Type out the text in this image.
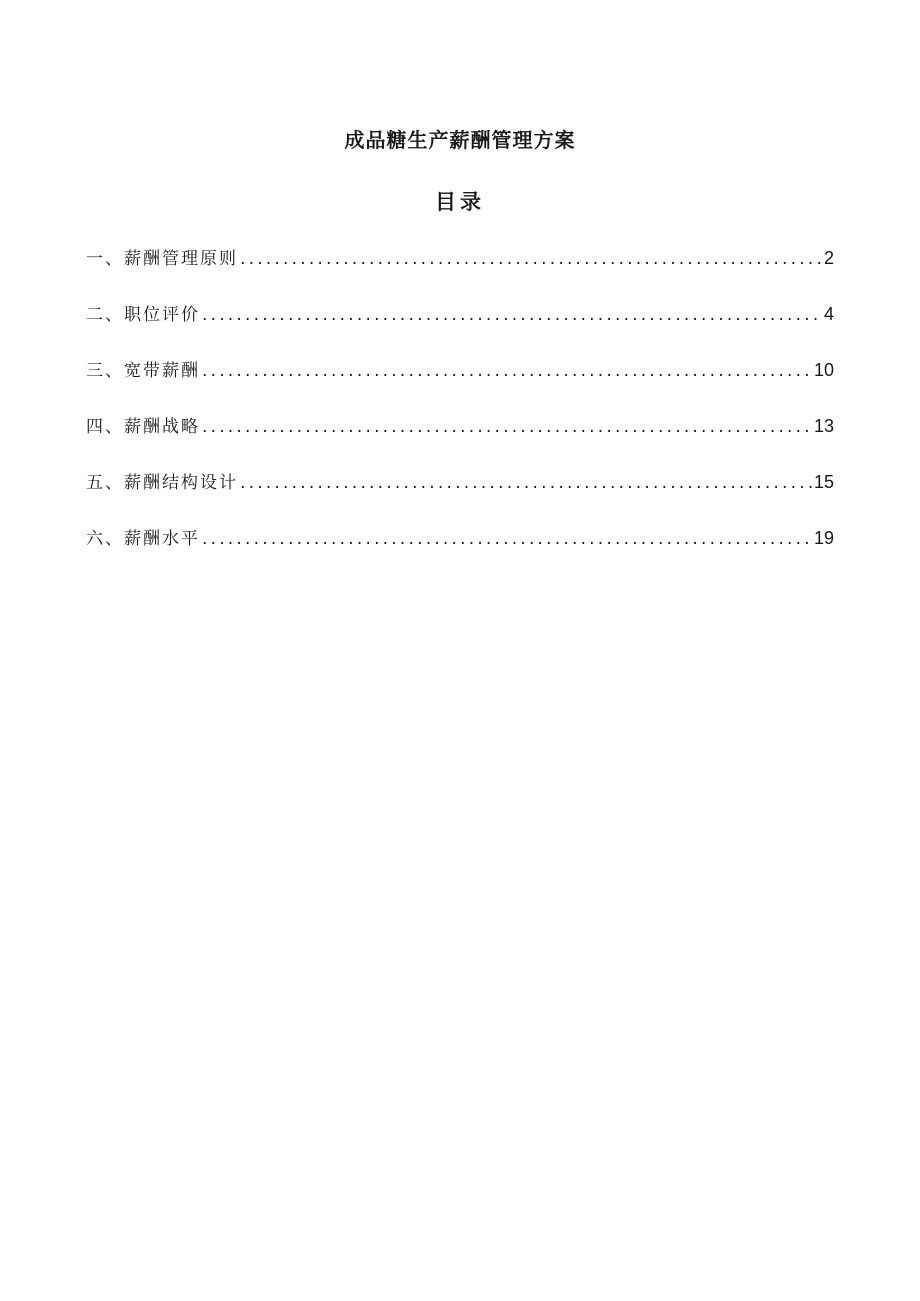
成品糖生产薪酬管理方案
目录
一、薪酬管理原则 .....	2
二、职位评价 .....	4
三、宽带薪酬 .....	10
四、薪酬战略 .....	13
五、薪酬结构设计 .....	15
六、薪酬水平 .....	19
